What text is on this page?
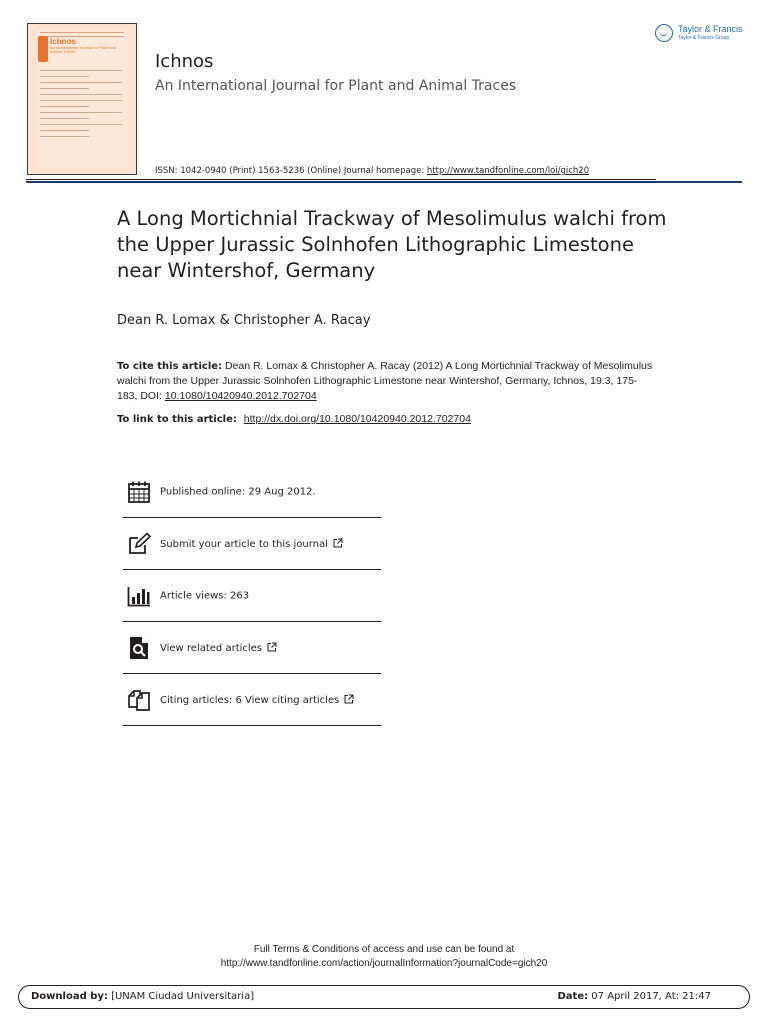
Ichnos
An International Journal for Plant and Animal Traces	Ichnos
An International Journal for Plant and Animal Traces
Taylor & Francis
Taylor & Francis Group
ISSN: 1042-0940 (Print) 1563-5236 (Online) Journal homepage: http://www.tandfonline.com/loi/gich20
A Long Mortichnial Trackway of Mesolimulus walchi from the Upper Jurassic Solnhofen Lithographic Limestone near Wintershof, Germany
Dean R. Lomax & Christopher A. Racay
To cite this article: Dean R. Lomax & Christopher A. Racay (2012) A Long Mortichnial Trackway of Mesolimulus walchi from the Upper Jurassic Solnhofen Lithographic Limestone near Wintershof, Germany, Ichnos, 19:3, 175-183, DOI: 10.1080/10420940.2012.702704
To link to this article: http://dx.doi.org/10.1080/10420940.2012.702704
Published online: 29 Aug 2012.
Submit your article to this journal
Article views: 263
View related articles
Citing articles: 6 View citing articles
Full Terms & Conditions of access and use can be found at
http://www.tandfonline.com/action/journalInformation?journalCode=gich20
Download by: [UNAM Ciudad Universitaria]	Date: 07 April 2017, At: 21:47
